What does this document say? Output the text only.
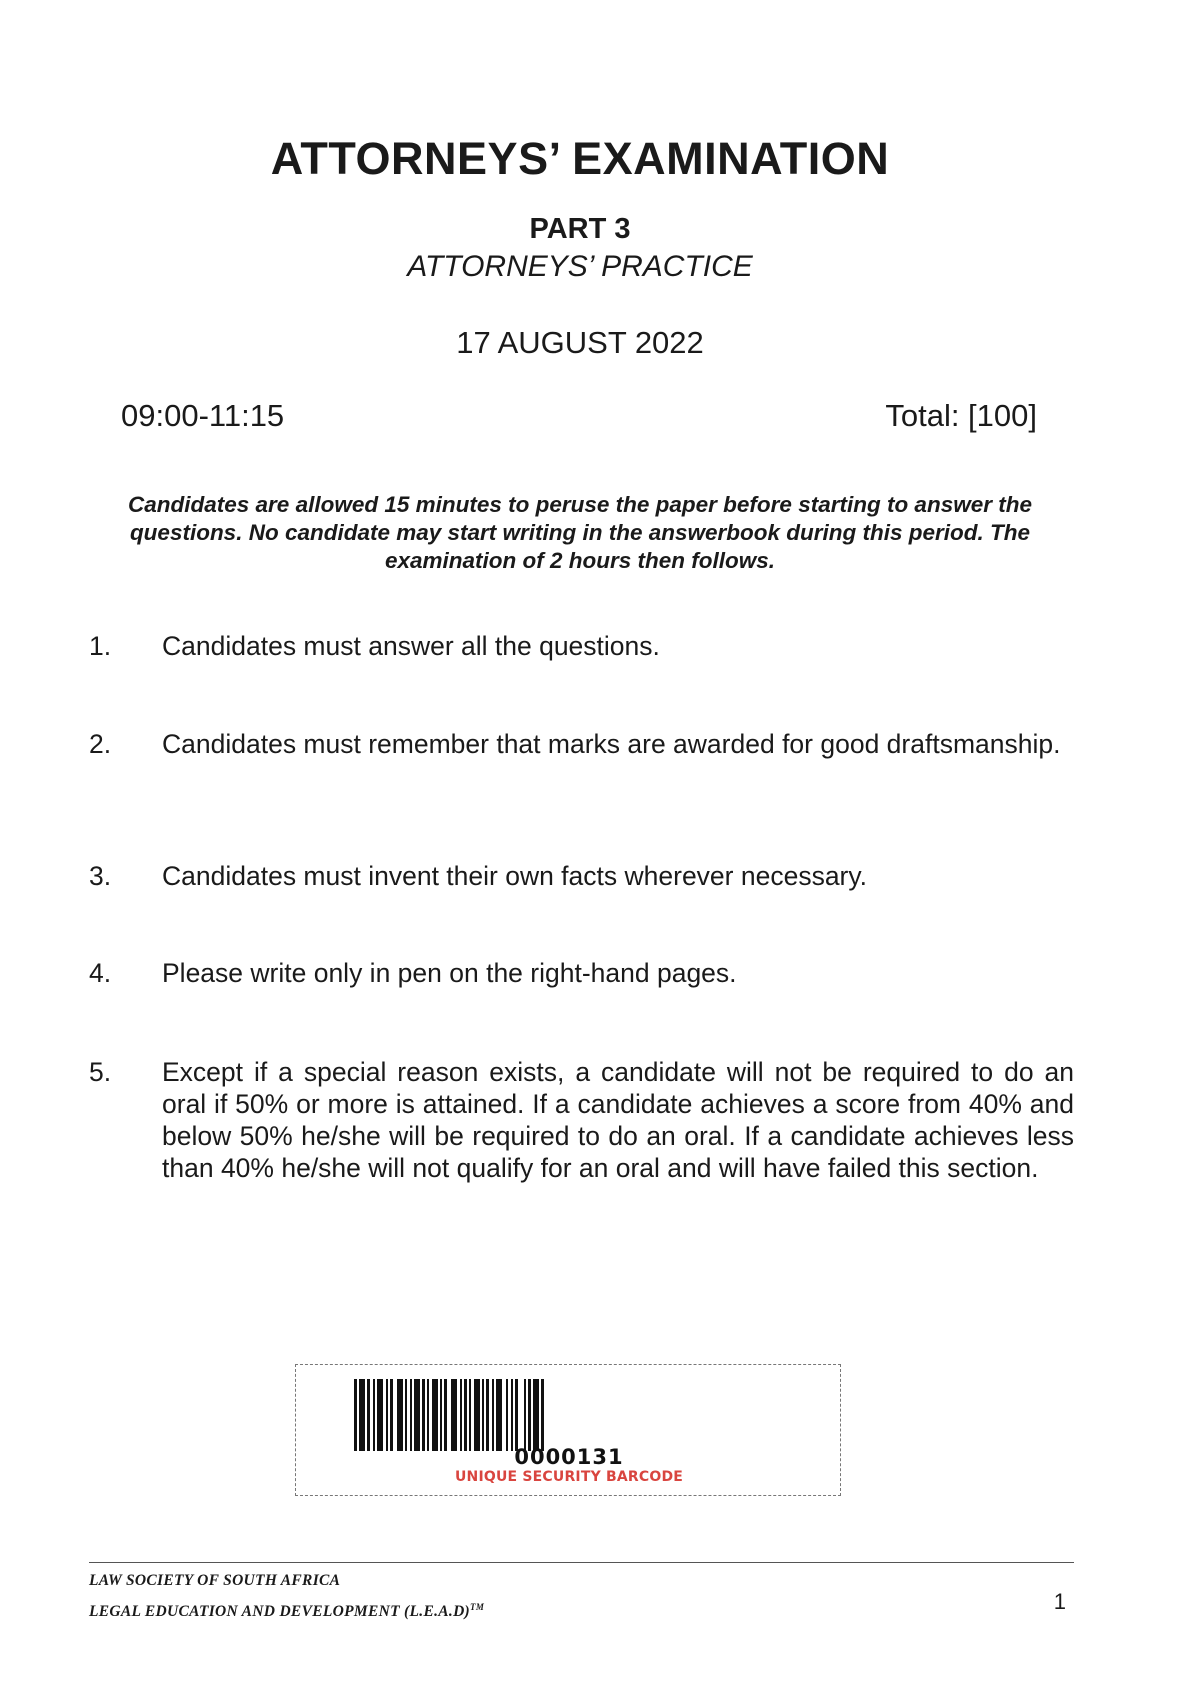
ATTORNEYS’ EXAMINATION
PART 3
ATTORNEYS’ PRACTICE
17 AUGUST 2022
09:00-11:15	Total: [100]
Candidates are allowed 15 minutes to peruse the paper before starting to answer the questions. No candidate may start writing in the answerbook during this period. The examination of 2 hours then follows.
1. Candidates must answer all the questions.
2. Candidates must remember that marks are awarded for good draftsmanship.
3. Candidates must invent their own facts wherever necessary.
4. Please write only in pen on the right-hand pages.
5. Except if a special reason exists, a candidate will not be required to do an oral if 50% or more is attained. If a candidate achieves a score from 40% and below 50% he/she will be required to do an oral. If a candidate achieves less than 40% he/she will not qualify for an oral and will have failed this section.
0000131
UNIQUE SECURITY BARCODE
LAW SOCIETY OF SOUTH AFRICA
LEGAL EDUCATION AND DEVELOPMENT (L.E.A.D)™	1
